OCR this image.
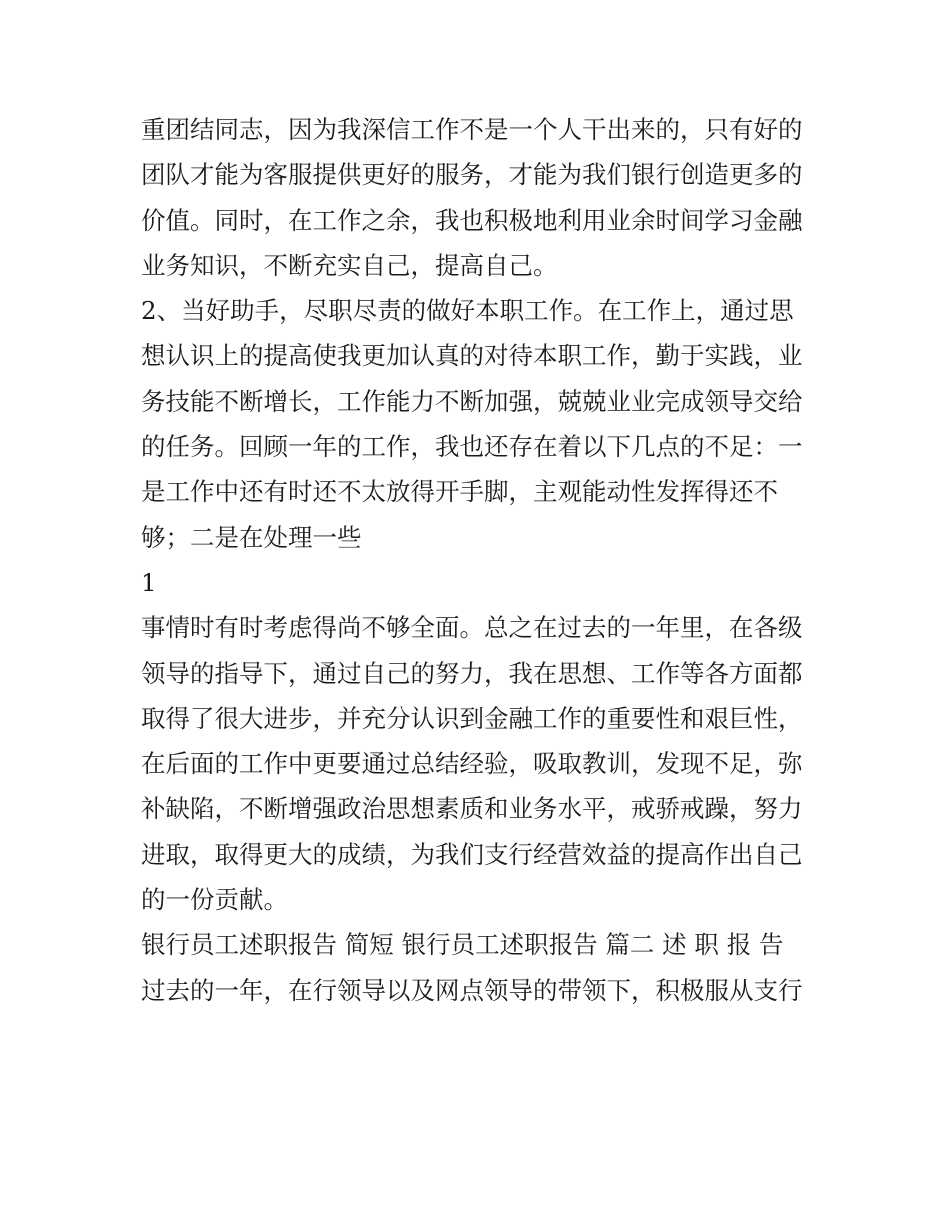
重团结同志，因为我深信工作不是一个人干出来的，只有好的
团队才能为客服提供更好的服务，才能为我们银行创造更多的
价值。同时，在工作之余，我也积极地利用业余时间学习金融
业务知识，不断充实自己，提高自己。
2、当好助手，尽职尽责的做好本职工作。在工作上，通过思
想认识上的提高使我更加认真的对待本职工作，勤于实践，业
务技能不断增长，工作能力不断加强，兢兢业业完成领导交给
的任务。回顾一年的工作，我也还存在着以下几点的不足：一
是工作中还有时还不太放得开手脚，主观能动性发挥得还不
够；二是在处理一些
1
事情时有时考虑得尚不够全面。总之在过去的一年里，在各级
领导的指导下，通过自己的努力，我在思想、工作等各方面都
取得了很大进步，并充分认识到金融工作的重要性和艰巨性，
在后面的工作中更要通过总结经验，吸取教训，发现不足，弥
补缺陷，不断增强政治思想素质和业务水平，戒骄戒躁，努力
进取，取得更大的成绩，为我们支行经营效益的提高作出自己
的一份贡献。
银行员工述职报告 简短 银行员工述职报告 篇二 述 职 报 告
过去的一年，在行领导以及网点领导的带领下，积极服从支行
